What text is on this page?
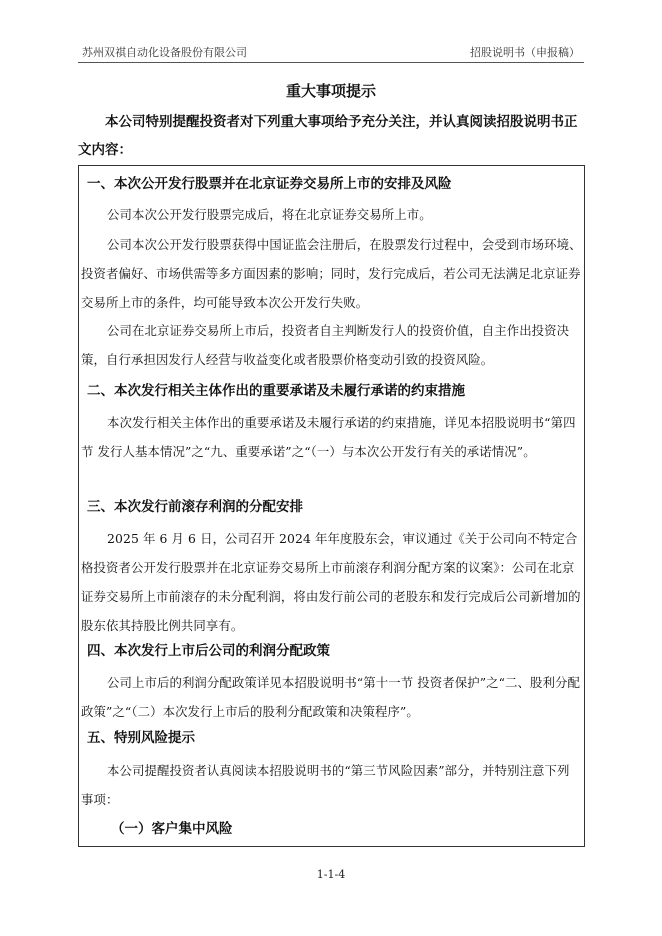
苏州双祺自动化设备股份有限公司	招股说明书（申报稿）
重大事项提示
本公司特别提醒投资者对下列重大事项给予充分关注，并认真阅读招股说明书正文内容：
一、本次公开发行股票并在北京证券交易所上市的安排及风险
公司本次公开发行股票完成后，将在北京证券交易所上市。
公司本次公开发行股票获得中国证监会注册后，在股票发行过程中，会受到市场环境、投资者偏好、市场供需等多方面因素的影响；同时，发行完成后，若公司无法满足北京证券交易所上市的条件，均可能导致本次公开发行失败。
公司在北京证券交易所上市后，投资者自主判断发行人的投资价值，自主作出投资决策，自行承担因发行人经营与收益变化或者股票价格变动引致的投资风险。
二、本次发行相关主体作出的重要承诺及未履行承诺的约束措施
本次发行相关主体作出的重要承诺及未履行承诺的约束措施，详见本招股说明书“第四节 发行人基本情况”之“九、重要承诺”之“（一）与本次公开发行有关的承诺情况”。
三、本次发行前滚存利润的分配安排
2025 年 6 月 6 日，公司召开 2024 年年度股东会，审议通过《关于公司向不特定合格投资者公开发行股票并在北京证券交易所上市前滚存利润分配方案的议案》：公司在北京证券交易所上市前滚存的未分配利润，将由发行前公司的老股东和发行完成后公司新增加的股东依其持股比例共同享有。
四、本次发行上市后公司的利润分配政策
公司上市后的利润分配政策详见本招股说明书“第十一节 投资者保护”之“二、股利分配政策”之“（二）本次发行上市后的股利分配政策和决策程序”。
五、特别风险提示
本公司提醒投资者认真阅读本招股说明书的“第三节风险因素”部分，并特别注意下列事项：
（一）客户集中风险
1-1-4
